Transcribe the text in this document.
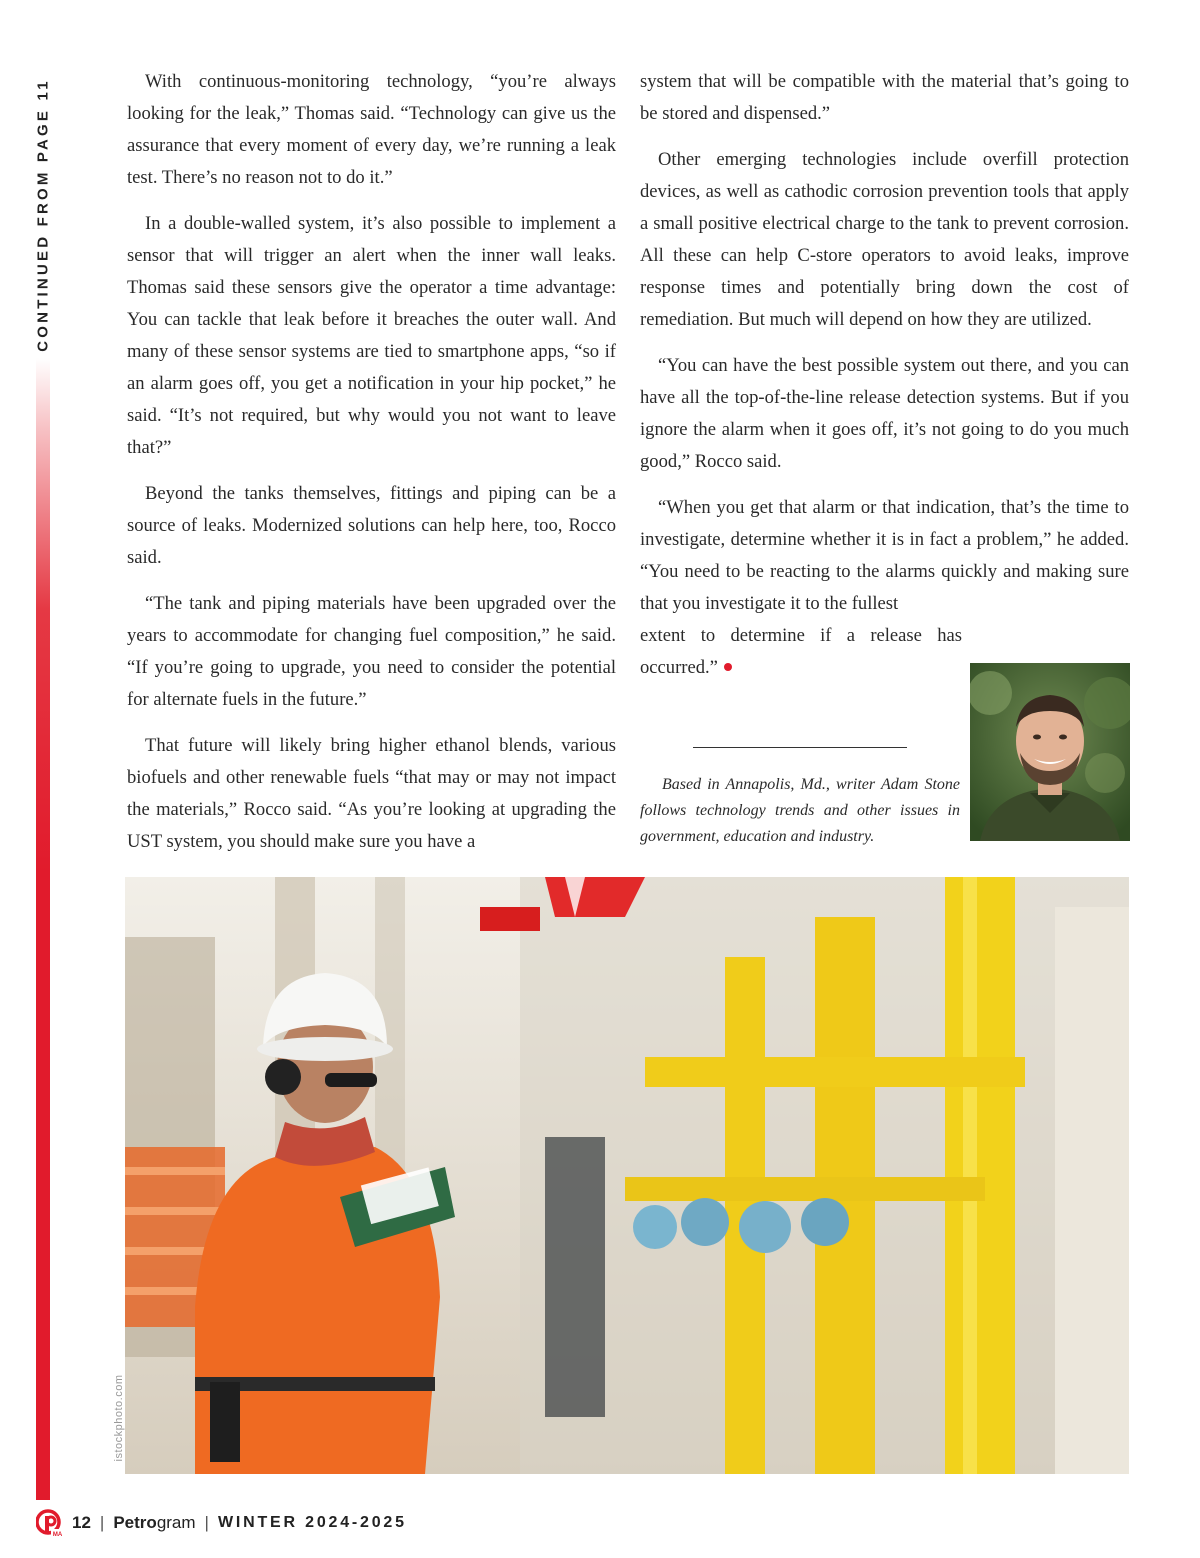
CONTINUED FROM PAGE 11	With continuous-monitoring technology, “you’re always looking for the leak,” Thomas said. “Technology can give us the assurance that every moment of every day, we’re running a leak test. There’s no reason not to do it.”

In a double-walled system, it’s also possible to implement a sensor that will trigger an alert when the inner wall leaks. Thomas said these sensors give the operator a time advantage: You can tackle that leak before it breaches the outer wall. And many of these sensor systems are tied to smartphone apps, “so if an alarm goes off, you get a notification in your hip pocket,” he said. “It’s not required, but why would you not want to leave that?”

Beyond the tanks themselves, fittings and piping can be a source of leaks. Modernized solutions can help here, too, Rocco said.

“The tank and piping materials have been upgraded over the years to accommodate for changing fuel composition,” he said. “If you’re going to upgrade, you need to consider the potential for alternate fuels in the future.”

That future will likely bring higher ethanol blends, various biofuels and other renewable fuels “that may or may not impact the materials,” Rocco said. “As you’re looking at upgrading the UST system, you should make sure you have a

system that will be compatible with the material that’s going to be stored and dispensed.”

Other emerging technologies include overfill protection devices, as well as cathodic corrosion prevention tools that apply a small positive electrical charge to the tank to prevent corrosion. All these can help C-store operators to avoid leaks, improve response times and potentially bring down the cost of remediation. But much will depend on how they are utilized.

“You can have the best possible system out there, and you can have all the top-of-the-line release detection systems. But if you ignore the alarm when it goes off, it’s not going to do you much good,” Rocco said.

“When you get that alarm or that indication, that’s the time to investigate, determine whether it is in fact a problem,” he added. “You need to be reacting to the alarms quickly and making sure that you investigate it to the fullest

extent to determine if a release has occurred.”

Based in Annapolis, Md., writer Adam Stone follows technology trends and other issues in government, education and industry.

istockphoto.com
MA
12 | Petrogram | WINTER 2024-2025
